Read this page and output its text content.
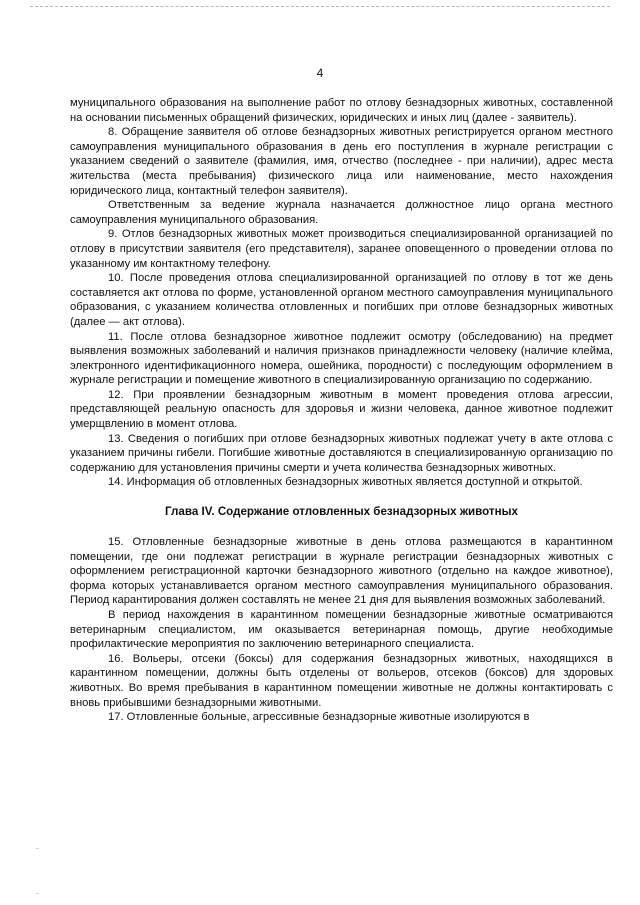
4

муниципального образования на выполнение работ по отлову безнадзорных животных, составленной на основании письменных обращений физических, юридических и иных лиц (далее - заявитель).

8. Обращение заявителя об отлове безнадзорных животных регистрируется органом местного самоуправления муниципального образования в день его поступления в журнале регистрации с указанием сведений о заявителе (фамилия, имя, отчество (последнее - при наличии), адрес места жительства (места пребывания) физического лица или наименование, место нахождения юридического лица, контактный телефон заявителя).

Ответственным за ведение журнала назначается должностное лицо органа местного самоуправления муниципального образования.

9. Отлов безнадзорных животных может производиться специализированной организацией по отлову в присутствии заявителя (его представителя), заранее оповещенного о проведении отлова по указанному им контактному телефону.

10. После проведения отлова специализированной организацией по отлову в тот же день составляется акт отлова по форме, установленной органом местного самоуправления муниципального образования, с указанием количества отловленных и погибших при отлове безнадзорных животных (далее — акт отлова).

11. После отлова безнадзорное животное подлежит осмотру (обследованию) на предмет выявления возможных заболеваний и наличия признаков принадлежности человеку (наличие клейма, электронного идентификационного номера, ошейника, породности) с последующим оформлением в журнале регистрации и помещение животного в специализированную организацию по содержанию.

12. При проявлении безнадзорным животным в момент проведения отлова агрессии, представляющей реальную опасность для здоровья и жизни человека, данное животное подлежит умерщвлению в момент отлова.

13. Сведения о погибших при отлове безнадзорных животных подлежат учету в акте отлова с указанием причины гибели. Погибшие животные доставляются в специализированную организацию по содержанию для установления причины смерти и учета количества безнадзорных животных.

14. Информация об отловленных безнадзорных животных является доступной и открытой.

Глава IV. Содержание отловленных безнадзорных животных

15. Отловленные безнадзорные животные в день отлова размещаются в карантинном помещении, где они подлежат регистрации в журнале регистрации безнадзорных животных с оформлением регистрационной карточки безнадзорного животного (отдельно на каждое животное), форма которых устанавливается органом местного самоуправления муниципального образования. Период карантирования должен составлять не менее 21 дня для выявления возможных заболеваний.

В период нахождения в карантинном помещении безнадзорные животные осматриваются ветеринарным специалистом, им оказывается ветеринарная помощь, другие необходимые профилактические мероприятия по заключению ветеринарного специалиста.

16. Вольеры, отсеки (боксы) для содержания безнадзорных животных, находящихся в карантинном помещении, должны быть отделены от вольеров, отсеков (боксов) для здоровых животных. Во время пребывания в карантинном помещении животные не должны контактировать с вновь прибывшими безнадзорными животными.

17. Отловленные больные, агрессивные безнадзорные животные изолируются в
